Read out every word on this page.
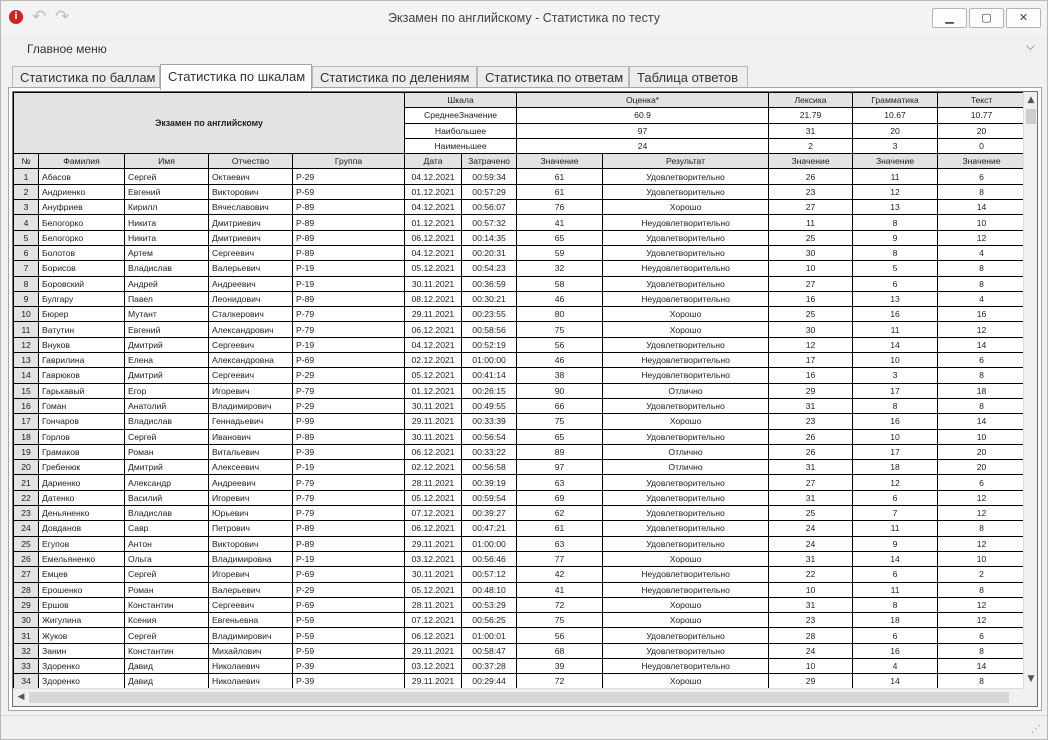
i ↶ ↷	Экзамен по английскому - Статистика по тесту	▁	▢	✕
Главное меню	⌵
Статистика по баллам Статистика по шкалам	Статистика по делениям	Статистика по ответам	Таблица ответов
Экзамен по английскому					Шкала		Оценка*		Лексика	Грамматика	Текст
					СреднееЗначение		60.9		21.79	10.67	10.77
					Наибольшее		97		31	20	20
					Наименьшее		24		2	3	0
№	Фамилия	Имя	Отчество	Группа	Дата	Затрачено	Значение	Результат	Значение	Значение	Значение
1	Абасов	Сергей	Октаевич	Р-29	04.12.2021	00:59:34	61	Удовлетворительно	26	11	6
2	Андриенко	Евгений	Викторович	Р-59	01.12.2021	00:57:29	61	Удовлетворительно	23	12	8
3	Ануфриев	Кирилл	Вячеславович	Р-89	04.12.2021	00:56:07	76	Хорошо	27	13	14
4	Белогорко	Никита	Дмитриевич	Р-89	01.12.2021	00:57:32	41	Неудовлетворительно	11	8	10
5	Белогорко	Никита	Дмитриевич	Р-89	06.12.2021	00:14:35	65	Удовлетворительно	25	9	12
6	Болотов	Артем	Сергеевич	Р-89	04.12.2021	00:20:31	59	Удовлетворительно	30	8	4
7	Борисов	Владислав	Валерьевич	Р-19	05.12.2021	00:54:23	32	Неудовлетворительно	10	5	8
8	Боровский	Андрей	Андреевич	Р-19	30.11.2021	00:36:59	58	Удовлетворительно	27	6	8
9	Булгару	Павел	Леонидович	Р-89	08.12.2021	00:30:21	46	Неудовлетворительно	16	13	4
10	Бюрер	Мутант	Сталкерович	Р-79	29.11.2021	00:23:55	80	Хорошо	25	16	16
11	Ватутин	Евгений	Александрович	Р-79	06.12.2021	00:58:56	75	Хорошо	30	11	12
12	Внуков	Дмитрий	Сергеевич	Р-19	04.12.2021	00:52:19	56	Удовлетворительно	12	14	14
13	Гаврилина	Елена	Александровна	Р-69	02.12.2021	01:00:00	46	Неудовлетворительно	17	10	6
14	Гаврюков	Дмитрий	Сергеевич	Р-29	05.12.2021	00:41:14	38	Неудовлетворительно	16	3	8
15	Гарькавый	Егор	Игоревич	Р-79	01.12.2021	00:26:15	90	Отлично	29	17	18
16	Гоман	Анатолий	Владимирович	Р-29	30.11.2021	00:49:55	66	Удовлетворительно	31	8	8
17	Гончаров	Владислав	Геннадьевич	Р-99	29.11.2021	00:33:39	75	Хорошо	23	16	14
18	Горлов	Сергей	Иванович	Р-89	30.11.2021	00:56:54	65	Удовлетворительно	26	10	10
19	Грамаков	Роман	Витальевич	Р-39	06.12.2021	00:33:22	89	Отлично	26	17	20
20	Гребенюк	Дмитрий	Алексеевич	Р-19	02.12.2021	00:56:58	97	Отлично	31	18	20
21	Дариенко	Александр	Андреевич	Р-79	28.11.2021	00:39:19	63	Удовлетворительно	27	12	6
22	Датенко	Василий	Игоревич	Р-79	05.12.2021	00:59:54	69	Удовлетворительно	31	6	12
23	Деньяненко	Владислав	Юрьевич	Р-79	07.12.2021	00:39:27	62	Удовлетворительно	25	7	12
24	Довданов	Савр	Петрович	Р-89	06.12.2021	00:47:21	61	Удовлетворительно	24	11	8
25	Егупов	Антон	Викторович	Р-89	29.11.2021	01:00:00	63	Удовлетворительно	24	9	12
26	Емельяненко	Ольга	Владимировна	Р-19	03.12.2021	00:56:46	77	Хорошо	31	14	10
27	Емцев	Сергей	Игоревич	Р-69	30.11.2021	00:57:12	42	Неудовлетворительно	22	6	2
28	Ерошенко	Роман	Валерьевич	Р-29	05.12.2021	00:48:10	41	Неудовлетворительно	10	11	8
29	Ершов	Константин	Сергеевич	Р-69	28.11.2021	00:53:29	72	Хорошо	31	8	12
30	Жигулина	Ксения	Евгеньевна	Р-59	07.12.2021	00:56:25	75	Хорошо	23	18	12
31	Жуков	Сергей	Владимирович	Р-59	06.12.2021	01:00:01	56	Удовлетворительно	28	6	6
32	Занин	Константин	Михайлович	Р-59	29.11.2021	00:58:47	68	Удовлетворительно	24	16	8
33	Здоренко	Давид	Николаевич	Р-39	03.12.2021	00:37:28	39	Неудовлетворительно	10	4	14
34	Здоренко	Давид	Николаевич	Р-39	29.11.2021	00:29:44	72	Хорошо	29	14	8
▲
▼
◀
⋰
